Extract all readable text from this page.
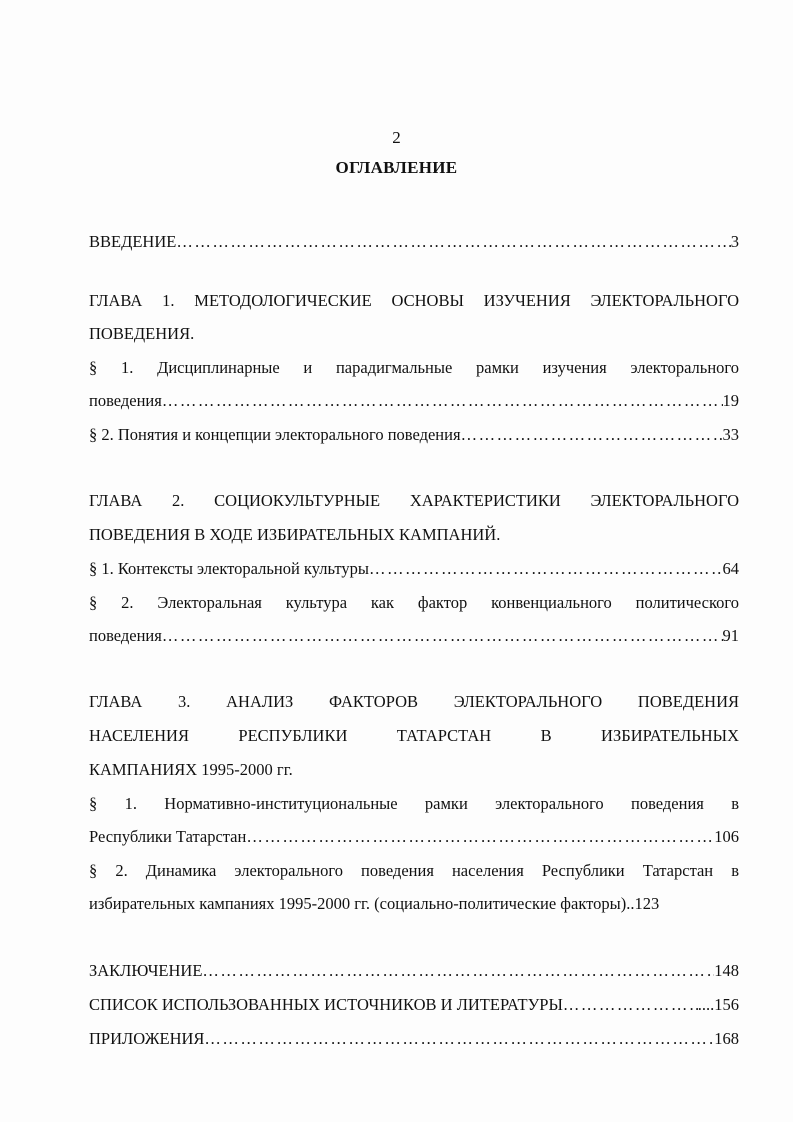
2
ОГЛАВЛЕНИЕ
ВВЕДЕНИЕ …………………………………………………………………………………………………………………………………………………………………	3
ГЛАВА 1. МЕТОДОЛОГИЧЕСКИЕ ОСНОВЫ ИЗУЧЕНИЯ ЭЛЕКТОРАЛЬНОГО
ПОВЕДЕНИЯ.
§ 1. Дисциплинарные и парадигмальные рамки изучения электорального
поведения …………………………………………………………………………………………………………………………………………………………………	19
§ 2. Понятия и концепции электорального поведения …………………………………………………………………………………………………………………………………………………………………	33
ГЛАВА 2. СОЦИОКУЛЬТУРНЫЕ ХАРАКТЕРИСТИКИ ЭЛЕКТОРАЛЬНОГО
ПОВЕДЕНИЯ В ХОДЕ ИЗБИРАТЕЛЬНЫХ КАМПАНИЙ.
§ 1. Контексты электоральной культуры …………………………………………………………………………………………………………………………………………………………………	64
§ 2. Электоральная культура как фактор конвенциального политического
поведения …………………………………………………………………………………………………………………………………………………………………	91
ГЛАВА 3. АНАЛИЗ ФАКТОРОВ ЭЛЕКТОРАЛЬНОГО ПОВЕДЕНИЯ
НАСЕЛЕНИЯ РЕСПУБЛИКИ ТАТАРСТАН В ИЗБИРАТЕЛЬНЫХ
КАМПАНИЯХ 1995-2000 гг.
§ 1. Нормативно-институциональные рамки электорального поведения в
Республики Татарстан …………………………………………………………………………………………………………………………………………………………………	106
§ 2. Динамика электорального поведения населения Республики Татарстан в
избирательных кампаниях 1995-2000 гг. (социально-политические факторы)..123
ЗАКЛЮЧЕНИЕ …………………………………………………………………………………………………………………………………………………………………	148
СПИСОК ИСПОЛЬЗОВАННЫХ ИСТОЧНИКОВ И ЛИТЕРАТУРЫ …………………………………………………………………………………………………………………………………………………………………	....156
ПРИЛОЖЕНИЯ …………………………………………………………………………………………………………………………………………………………………	168
